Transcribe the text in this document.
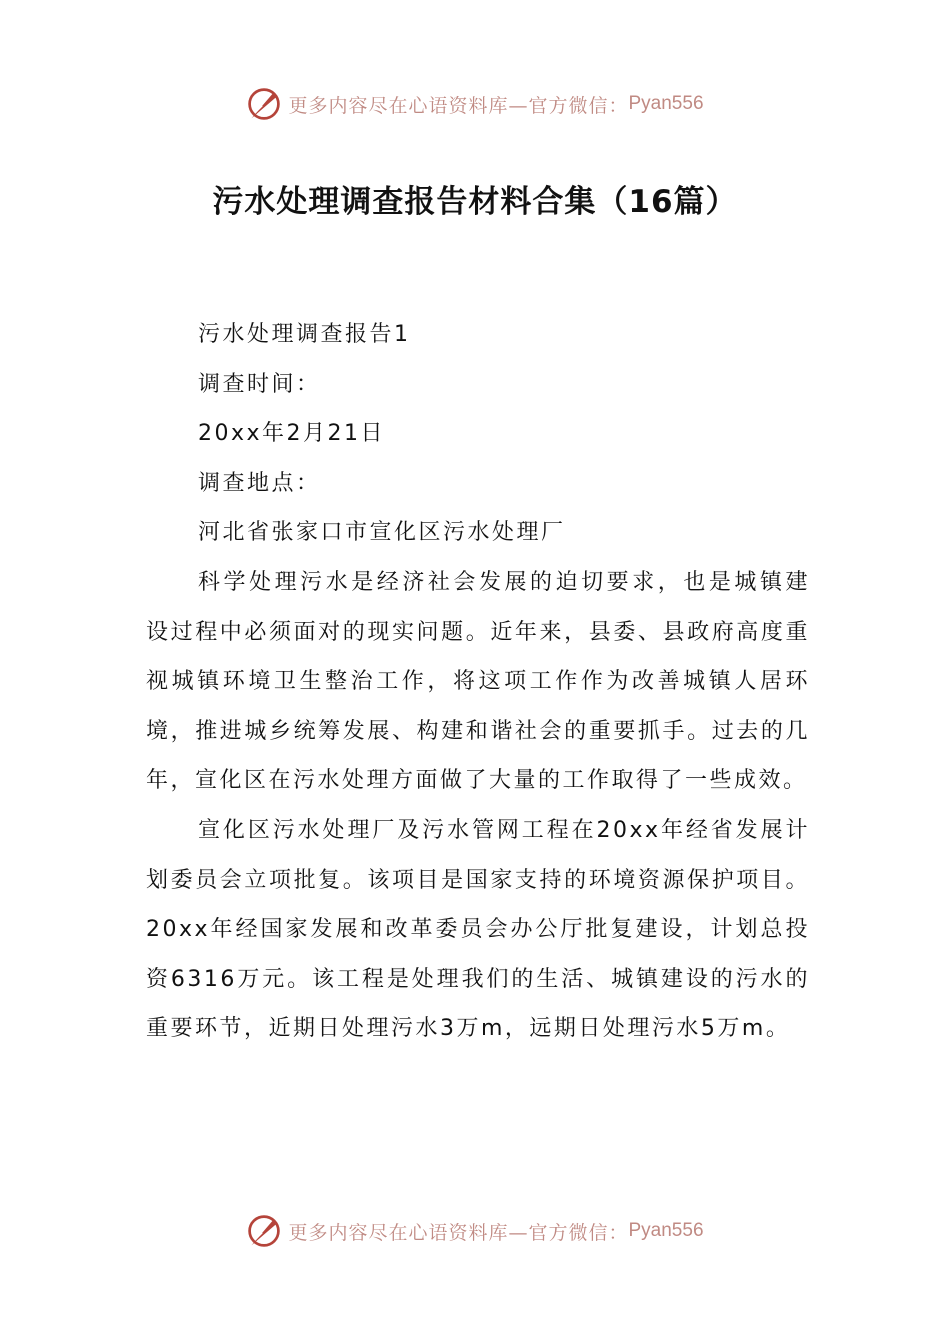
更多内容尽在心语资料库—官方微信： Pyan556
污水处理调查报告材料合集（16篇）

污水处理调查报告1

调查时间：

20xx年2月21日

调查地点：

河北省张家口市宣化区污水处理厂

科学处理污水是经济社会发展的迫切要求，也是城镇建设过程中必须面对的现实问题。近年来，县委、县政府高度重视城镇环境卫生整治工作，将这项工作作为改善城镇人居环境，推进城乡统筹发展、构建和谐社会的重要抓手。过去的几年，宣化区在污水处理方面做了大量的工作取得了一些成效。

宣化区污水处理厂及污水管网工程在20xx年经省发展计划委员会立项批复。该项目是国家支持的环境资源保护项目。20xx年经国家发展和改革委员会办公厅批复建设，计划总投资6316万元。该工程是处理我们的生活、城镇建设的污水的重要环节，近期日处理污水3万m，远期日处理污水5万m。

更多内容尽在心语资料库—官方微信： Pyan556
